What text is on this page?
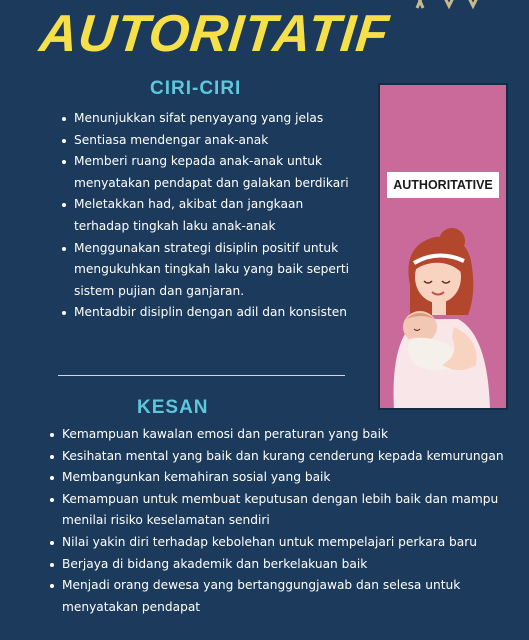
AUTORITATIF
CIRI-CIRI
Menunjukkan sifat penyayang yang jelas
Sentiasa mendengar anak-anak
Memberi ruang kepada anak-anak untuk menyatakan pendapat dan galakan berdikari
Meletakkan had, akibat dan jangkaan terhadap tingkah laku anak-anak
Menggunakan strategi disiplin positif untuk mengukuhkan tingkah laku yang baik seperti sistem pujian dan ganjaran.
Mentadbir disiplin dengan adil dan konsisten
AUTHORITATIVE
KESAN
Kemampuan kawalan emosi dan peraturan yang baik
Kesihatan mental yang baik dan kurang cenderung kepada kemurungan
Membangunkan kemahiran sosial yang baik
Kemampuan untuk membuat keputusan dengan lebih baik dan mampu menilai risiko keselamatan sendiri
Nilai yakin diri terhadap kebolehan untuk mempelajari perkara baru
Berjaya di bidang akademik dan berkelakuan baik
Menjadi orang dewesa yang bertanggungjawab dan selesa untuk menyatakan pendapat
